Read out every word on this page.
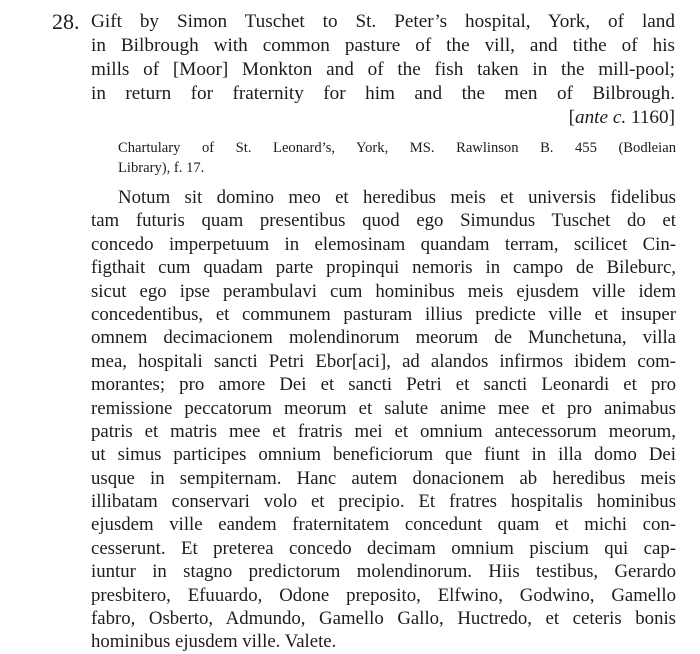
28. Gift by Simon Tuschet to St. Peter’s hospital, York, of land
in Bilbrough with common pasture of the vill, and tithe of his
mills of [Moor] Monkton and of the fish taken in the mill-pool;
in return for fraternity for him and the men of Bilbrough.
[ante c. 1160]
Chartulary of St. Leonard’s, York, MS. Rawlinson B. 455 (Bodleian
Library), f. 17.
Notum sit domino meo et heredibus meis et universis fidelibus
tam futuris quam presentibus quod ego Simundus Tuschet do et
concedo imperpetuum in elemosinam quandam terram, scilicet Cin-
figthait cum quadam parte propinqui nemoris in campo de Bileburc,
sicut ego ipse perambulavi cum hominibus meis ejusdem ville idem
concedentibus, et communem pasturam illius predicte ville et insuper
omnem decimacionem molendinorum meorum de Munchetuna, villa
mea, hospitali sancti Petri Ebor[aci], ad alandos infirmos ibidem com-
morantes; pro amore Dei et sancti Petri et sancti Leonardi et pro
remissione peccatorum meorum et salute anime mee et pro animabus
patris et matris mee et fratris mei et omnium antecessorum meorum,
ut simus participes omnium beneficiorum que fiunt in illa domo Dei
usque in sempiternam. Hanc autem donacionem ab heredibus meis
illibatam conservari volo et precipio. Et fratres hospitalis hominibus
ejusdem ville eandem fraternitatem concedunt quam et michi con-
cesserunt. Et preterea concedo decimam omnium piscium qui cap-
iuntur in stagno predictorum molendinorum. Hiis testibus, Gerardo
presbitero, Efuuardo, Odone preposito, Elfwino, Godwino, Gamello
fabro, Osberto, Admundo, Gamello Gallo, Huctredo, et ceteris bonis
hominibus ejusdem ville. Valete.
